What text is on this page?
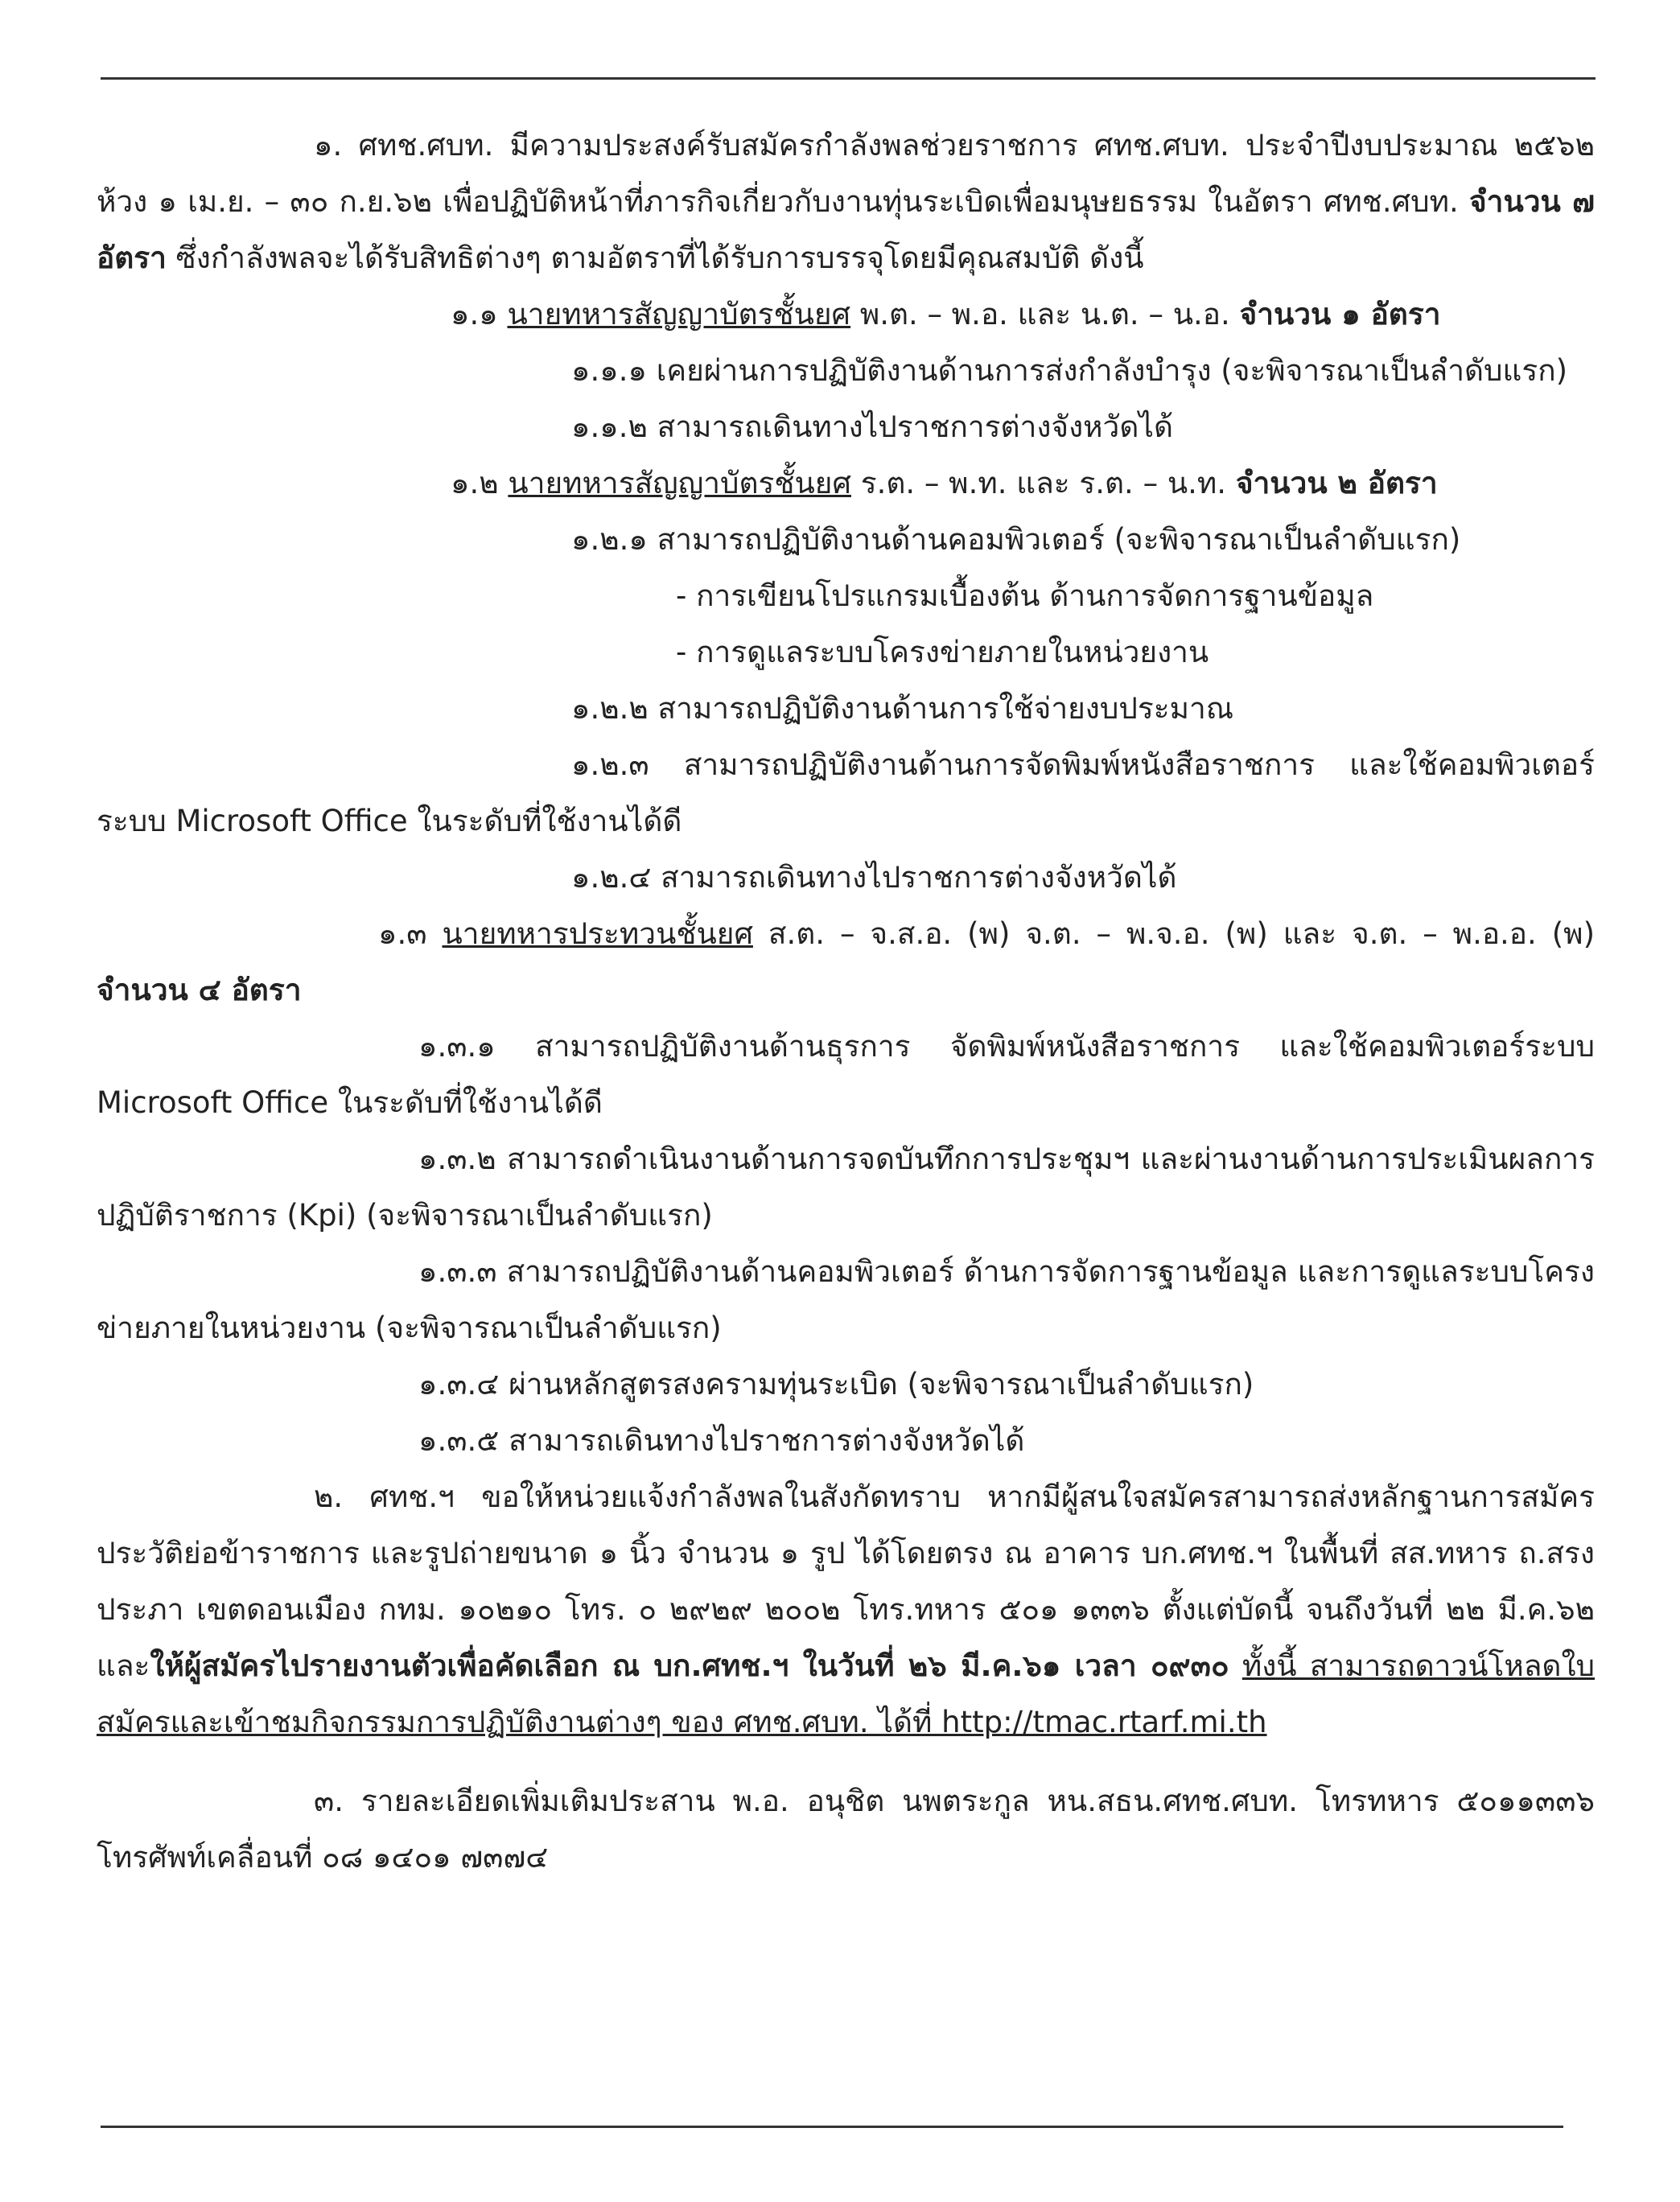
๑. ศทช.ศบท. มีความประสงค์รับสมัครกำลังพลช่วยราชการ ศทช.ศบท. ประจำปีงบประมาณ ๒๕๖๒ ห้วง ๑ เม.ย. – ๓๐ ก.ย.๖๒ เพื่อปฏิบัติหน้าที่ภารกิจเกี่ยวกับงานทุ่นระเบิดเพื่อมนุษยธรรม ในอัตรา ศทช.ศบท. จำนวน ๗ อัตรา ซึ่งกำลังพลจะได้รับสิทธิต่างๆ ตามอัตราที่ได้รับการบรรจุโดยมีคุณสมบัติ ดังนี้

๑.๑ นายทหารสัญญาบัตรชั้นยศ พ.ต. – พ.อ. และ น.ต. – น.อ. จำนวน ๑ อัตรา

๑.๑.๑ เคยผ่านการปฏิบัติงานด้านการส่งกำลังบำรุง (จะพิจารณาเป็นลำดับแรก)

๑.๑.๒ สามารถเดินทางไปราชการต่างจังหวัดได้

๑.๒ นายทหารสัญญาบัตรชั้นยศ ร.ต. – พ.ท. และ ร.ต. – น.ท. จำนวน ๒ อัตรา

๑.๒.๑ สามารถปฏิบัติงานด้านคอมพิวเตอร์ (จะพิจารณาเป็นลำดับแรก)

- การเขียนโปรแกรมเบื้องต้น ด้านการจัดการฐานข้อมูล

- การดูแลระบบโครงข่ายภายในหน่วยงาน

๑.๒.๒ สามารถปฏิบัติงานด้านการใช้จ่ายงบประมาณ

๑.๒.๓ สามารถปฏิบัติงานด้านการจัดพิมพ์หนังสือราชการ และใช้คอมพิวเตอร์ระบบ Microsoft Office ในระดับที่ใช้งานได้ดี

๑.๒.๔ สามารถเดินทางไปราชการต่างจังหวัดได้

๑.๓ นายทหารประทวนชั้นยศ ส.ต. – จ.ส.อ. (พ) จ.ต. – พ.จ.อ. (พ) และ จ.ต. – พ.อ.อ. (พ) จำนวน ๔ อัตรา

๑.๓.๑ สามารถปฏิบัติงานด้านธุรการ จัดพิมพ์หนังสือราชการ และใช้คอมพิวเตอร์ระบบ Microsoft Office ในระดับที่ใช้งานได้ดี

๑.๓.๒ สามารถดำเนินงานด้านการจดบันทึกการประชุมฯ และผ่านงานด้านการประเมินผลการปฏิบัติราชการ (Kpi) (จะพิจารณาเป็นลำดับแรก)

๑.๓.๓ สามารถปฏิบัติงานด้านคอมพิวเตอร์ ด้านการจัดการฐานข้อมูล และการดูแลระบบโครงข่ายภายในหน่วยงาน (จะพิจารณาเป็นลำดับแรก)

๑.๓.๔ ผ่านหลักสูตรสงครามทุ่นระเบิด (จะพิจารณาเป็นลำดับแรก)

๑.๓.๕ สามารถเดินทางไปราชการต่างจังหวัดได้

๒. ศทช.ฯ ขอให้หน่วยแจ้งกำลังพลในสังกัดทราบ หากมีผู้สนใจสมัครสามารถส่งหลักฐานการสมัคร ประวัติย่อข้าราชการ และรูปถ่ายขนาด ๑ นิ้ว จำนวน ๑ รูป ได้โดยตรง ณ อาคาร บก.ศทช.ฯ ในพื้นที่ สส.ทหาร ถ.สรงประภา เขตดอนเมือง กทม. ๑๐๒๑๐ โทร. ๐ ๒๙๒๙ ๒๐๐๒ โทร.ทหาร ๕๐๑ ๑๓๓๖ ตั้งแต่บัดนี้ จนถึงวันที่ ๒๒ มี.ค.๖๒ และให้ผู้สมัครไปรายงานตัวเพื่อคัดเลือก ณ บก.ศทช.ฯ ในวันที่ ๒๖ มี.ค.๖๑ เวลา ๐๙๓๐ ทั้งนี้ สามารถดาวน์โหลดใบสมัครและเข้าชมกิจกรรมการปฏิบัติงานต่างๆ ของ ศทช.ศบท. ได้ที่ http://tmac.rtarf.mi.th

๓. รายละเอียดเพิ่มเติมประสาน พ.อ. อนุชิต นพตระกูล หน.สธน.ศทช.ศบท. โทรทหาร ๕๐๑๑๓๓๖ โทรศัพท์เคลื่อนที่ ๐๘ ๑๔๐๑ ๗๓๗๔
